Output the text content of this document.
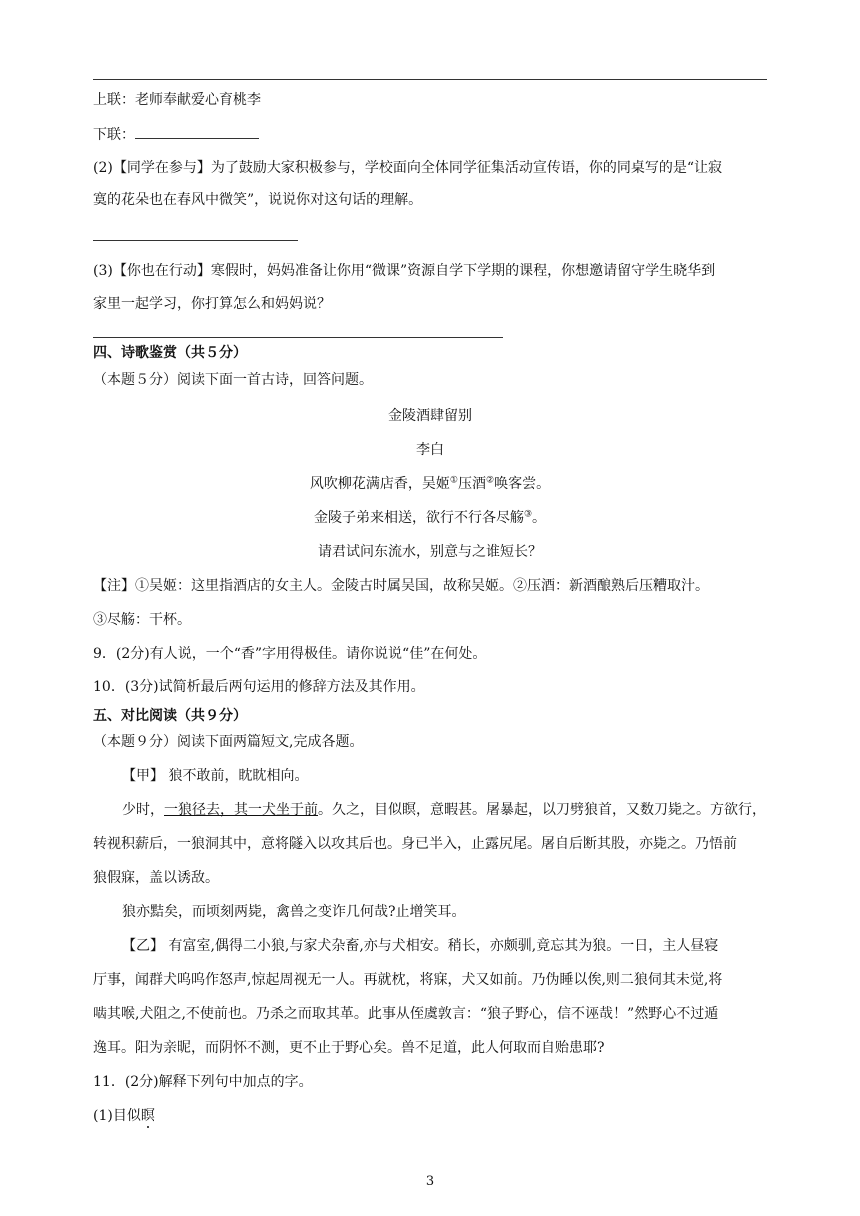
上联：老师奉献爱心育桃李
下联：
(2)【同学在参与】为了鼓励大家积极参与，学校面向全体同学征集活动宣传语，你的同桌写的是“让寂
寞的花朵也在春风中微笑”，说说你对这句话的理解。
(3)【你也在行动】寒假时，妈妈准备让你用“微课”资源自学下学期的课程，你想邀请留守学生晓华到
家里一起学习，你打算怎么和妈妈说？
四、诗歌鉴赏（共５分）
（本题５分）阅读下面一首古诗，回答问题。
金陵酒肆留别
李白
风吹柳花满店香，吴姬①压酒②唤客尝。
金陵子弟来相送，欲行不行各尽觞③。
请君试问东流水，别意与之谁短长？
【注】①吴姬：这里指酒店的女主人。金陵古时属吴国，故称吴姬。②压酒：新酒酿熟后压糟取汁。
③尽觞：干杯。
9．(2分)有人说，一个“香”字用得极佳。请你说说“佳”在何处。
10．(3分)试简析最后两句运用的修辞方法及其作用。
五、对比阅读（共９分）
（本题９分）阅读下面两篇短文,完成各题。
【甲】 狼不敢前，眈眈相向。
少时，一狼径去，其一犬坐于前。久之，目似瞑，意暇甚。屠暴起，以刀劈狼首，又数刀毙之。方欲行，
转视积薪后，一狼洞其中，意将隧入以攻其后也。身已半入，止露尻尾。屠自后断其股，亦毙之。乃悟前
狼假寐，盖以诱敌。
狼亦黠矣，而顷刻两毙，禽兽之变诈几何哉?止增笑耳。
【乙】 有富室,偶得二小狼,与家犬杂畜,亦与犬相安。稍长，亦颇驯,竟忘其为狼。一日，主人昼寝
厅事，闻群犬呜呜作怒声,惊起周视无一人。再就枕，将寐，犬又如前。乃伪睡以俟,则二狼伺其未觉,将
啮其喉,犬阻之,不使前也。乃杀之而取其革。此事从侄虞敦言：“狼子野心，信不诬哉！”然野心不过遁
逸耳。阳为亲昵，而阴怀不测，更不止于野心矣。兽不足道，此人何取而自贻患耶?
11．(2分)解释下列句中加点的字。
(1)目似瞑
3
